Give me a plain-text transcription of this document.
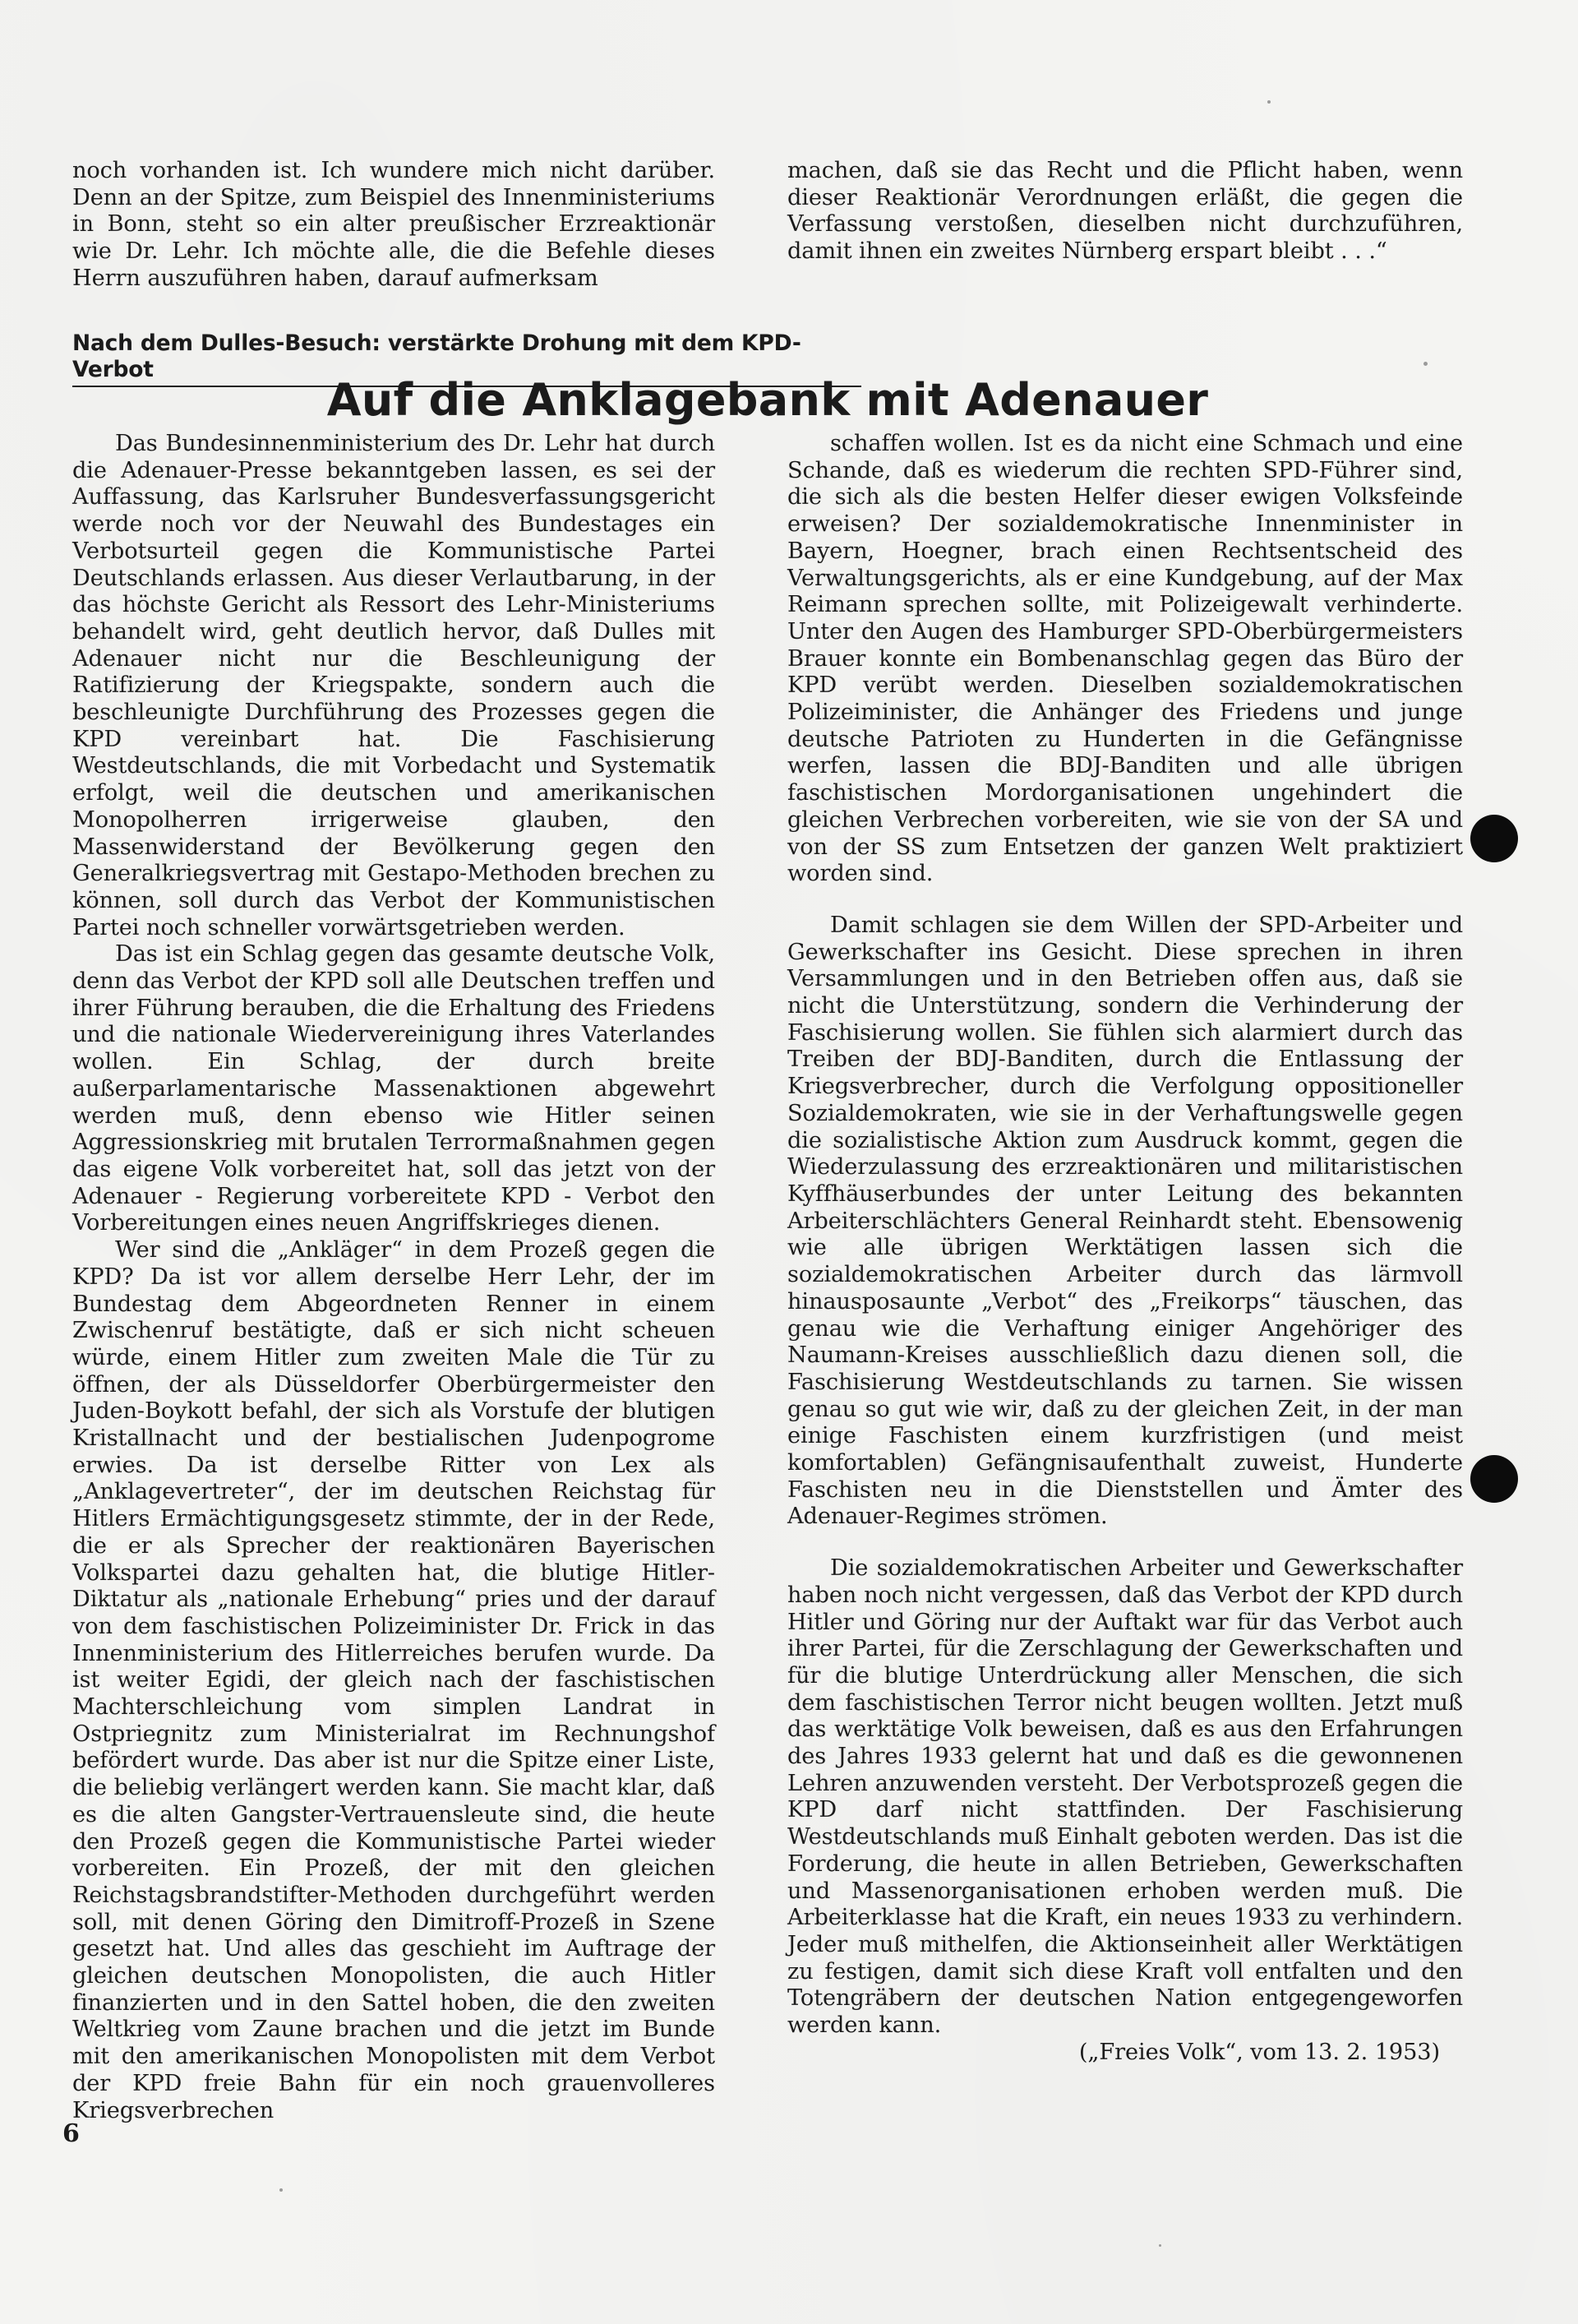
noch vorhanden ist. Ich wundere mich nicht darüber. Denn an der Spitze, zum Beispiel des Innenministeriums in Bonn, steht so ein alter preußischer Erzreaktionär wie Dr. Lehr. Ich möchte alle, die die Befehle dieses Herrn auszuführen haben, darauf aufmerksam

machen, daß sie das Recht und die Pflicht haben, wenn dieser Reaktionär Verordnungen erläßt, die gegen die Verfassung verstoßen, dieselben nicht durchzuführen, damit ihnen ein zweites Nürnberg erspart bleibt . . .“

Nach dem Dulles-Besuch: verstärkte Drohung mit dem KPD-Verbot
Auf die Anklagebank mit Adenauer

Das Bundesinnenministerium des Dr. Lehr hat durch die Adenauer-Presse bekanntgeben lassen, es sei der Auffassung, das Karlsruher Bundesverfassungsgericht werde noch vor der Neuwahl des Bundestages ein Verbotsurteil gegen die Kommunistische Partei Deutschlands erlassen. Aus dieser Verlautbarung, in der das höchste Gericht als Ressort des Lehr-Ministeriums behandelt wird, geht deutlich hervor, daß Dulles mit Adenauer nicht nur die Beschleunigung der Ratifizierung der Kriegspakte, sondern auch die beschleunigte Durchführung des Prozesses gegen die KPD vereinbart hat. Die Faschisierung Westdeutschlands, die mit Vorbedacht und Systematik erfolgt, weil die deutschen und amerikanischen Monopolherren irrigerweise glauben, den Massenwiderstand der Bevölkerung gegen den Generalkriegsvertrag mit Gestapo-Methoden brechen zu können, soll durch das Verbot der Kommunistischen Partei noch schneller vorwärtsgetrieben werden.

Das ist ein Schlag gegen das gesamte deutsche Volk, denn das Verbot der KPD soll alle Deutschen treffen und ihrer Führung berauben, die die Erhaltung des Friedens und die nationale Wiedervereinigung ihres Vaterlandes wollen. Ein Schlag, der durch breite außerparlamentarische Massenaktionen abgewehrt werden muß, denn ebenso wie Hitler seinen Aggressionskrieg mit brutalen Terrormaßnahmen gegen das eigene Volk vorbereitet hat, soll das jetzt von der Adenauer - Regierung vorbereitete KPD - Verbot den Vorbereitungen eines neuen Angriffskrieges dienen.

Wer sind die „Ankläger“ in dem Prozeß gegen die KPD? Da ist vor allem derselbe Herr Lehr, der im Bundestag dem Abgeordneten Renner in einem Zwischenruf bestätigte, daß er sich nicht scheuen würde, einem Hitler zum zweiten Male die Tür zu öffnen, der als Düsseldorfer Oberbürgermeister den Juden-Boykott befahl, der sich als Vorstufe der blutigen Kristallnacht und der bestialischen Judenpogrome erwies. Da ist derselbe Ritter von Lex als „Anklagevertreter“, der im deutschen Reichstag für Hitlers Ermächtigungsgesetz stimmte, der in der Rede, die er als Sprecher der reaktionären Bayerischen Volkspartei dazu gehalten hat, die blutige Hitler-Diktatur als „nationale Erhebung“ pries und der darauf von dem faschistischen Polizeiminister Dr. Frick in das Innenministerium des Hitlerreiches berufen wurde. Da ist weiter Egidi, der gleich nach der faschistischen Machterschleichung vom simplen Landrat in Ostpriegnitz zum Ministerialrat im Rechnungshof befördert wurde. Das aber ist nur die Spitze einer Liste, die beliebig verlängert werden kann. Sie macht klar, daß es die alten Gangster-Vertrauensleute sind, die heute den Prozeß gegen die Kommunistische Partei wieder vorbereiten. Ein Prozeß, der mit den gleichen Reichstagsbrandstifter-Methoden durchgeführt werden soll, mit denen Göring den Dimitroff-Prozeß in Szene gesetzt hat. Und alles das geschieht im Auftrage der gleichen deutschen Monopolisten, die auch Hitler finanzierten und in den Sattel hoben, die den zweiten Weltkrieg vom Zaune brachen und die jetzt im Bunde mit den amerikanischen Monopolisten mit dem Verbot der KPD freie Bahn für ein noch grauenvolleres Kriegsverbrechen

schaffen wollen. Ist es da nicht eine Schmach und eine Schande, daß es wiederum die rechten SPD-Führer sind, die sich als die besten Helfer dieser ewigen Volksfeinde erweisen? Der sozialdemokratische Innenminister in Bayern, Hoegner, brach einen Rechtsentscheid des Verwaltungsgerichts, als er eine Kundgebung, auf der Max Reimann sprechen sollte, mit Polizeigewalt verhinderte. Unter den Augen des Hamburger SPD-Oberbürgermeisters Brauer konnte ein Bombenanschlag gegen das Büro der KPD verübt werden. Dieselben sozialdemokratischen Polizeiminister, die Anhänger des Friedens und junge deutsche Patrioten zu Hunderten in die Gefängnisse werfen, lassen die BDJ-Banditen und alle übrigen faschistischen Mordorganisationen ungehindert die gleichen Verbrechen vorbereiten, wie sie von der SA und von der SS zum Entsetzen der ganzen Welt praktiziert worden sind.

Damit schlagen sie dem Willen der SPD-Arbeiter und Gewerkschafter ins Gesicht. Diese sprechen in ihren Versammlungen und in den Betrieben offen aus, daß sie nicht die Unterstützung, sondern die Verhinderung der Faschisierung wollen. Sie fühlen sich alarmiert durch das Treiben der BDJ-Banditen, durch die Entlassung der Kriegsverbrecher, durch die Verfolgung oppositioneller Sozialdemokraten, wie sie in der Verhaftungswelle gegen die sozialistische Aktion zum Ausdruck kommt, gegen die Wiederzulassung des erzreaktionären und militaristischen Kyffhäuserbundes der unter Leitung des bekannten Arbeiterschlächters General Reinhardt steht. Ebensowenig wie alle übrigen Werktätigen lassen sich die sozialdemokratischen Arbeiter durch das lärmvoll hinausposaunte „Verbot“ des „Freikorps“ täuschen, das genau wie die Verhaftung einiger Angehöriger des Naumann-Kreises ausschließlich dazu dienen soll, die Faschisierung Westdeutschlands zu tarnen. Sie wissen genau so gut wie wir, daß zu der gleichen Zeit, in der man einige Faschisten einem kurzfristigen (und meist komfortablen) Gefängnisaufenthalt zuweist, Hunderte Faschisten neu in die Dienststellen und Ämter des Adenauer-Regimes strömen.

Die sozialdemokratischen Arbeiter und Gewerkschafter haben noch nicht vergessen, daß das Verbot der KPD durch Hitler und Göring nur der Auftakt war für das Verbot auch ihrer Partei, für die Zerschlagung der Gewerkschaften und für die blutige Unterdrückung aller Menschen, die sich dem faschistischen Terror nicht beugen wollten. Jetzt muß das werktätige Volk beweisen, daß es aus den Erfahrungen des Jahres 1933 gelernt hat und daß es die gewonnenen Lehren anzuwenden versteht. Der Verbotsprozeß gegen die KPD darf nicht stattfinden. Der Faschisierung Westdeutschlands muß Einhalt geboten werden. Das ist die Forderung, die heute in allen Betrieben, Gewerkschaften und Massenorganisationen erhoben werden muß. Die Arbeiterklasse hat die Kraft, ein neues 1933 zu verhindern. Jeder muß mithelfen, die Aktionseinheit aller Werktätigen zu festigen, damit sich diese Kraft voll entfalten und den Totengräbern der deutschen Nation entgegengeworfen werden kann.

(„Freies Volk“, vom 13. 2. 1953)

6
